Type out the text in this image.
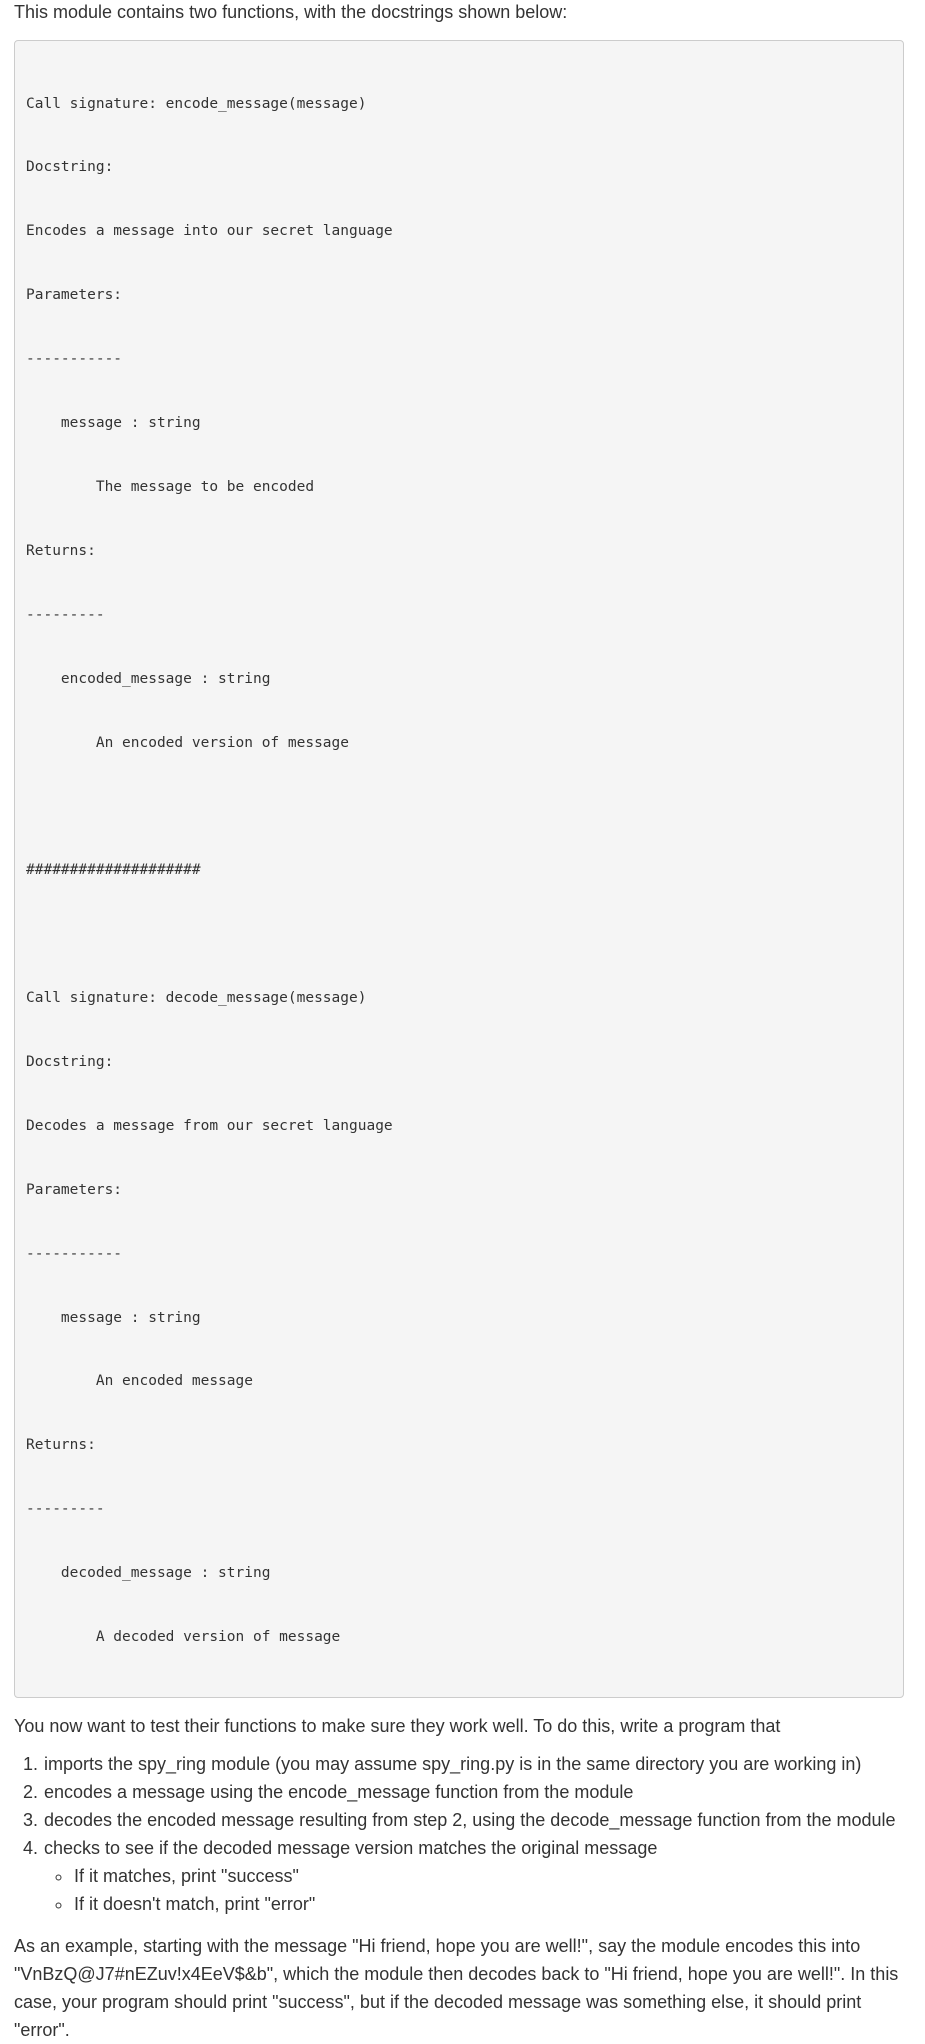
This module contains two functions, with the docstrings shown below:

Call signature: encode_message(message)

Docstring:

Encodes a message into our secret language

Parameters:

-----------

message : string

The message to be encoded

Returns:

---------

encoded_message : string

An encoded version of message

####################

Call signature: decode_message(message)

Docstring:

Decodes a message from our secret language

Parameters:

-----------

message : string

An encoded message

Returns:

---------

decoded_message : string

A decoded version of message

You now want to test their functions to make sure they work well. To do this, write a program that

1. imports the spy_ring module (you may assume spy_ring.py is in the same directory you are working in)
2. encodes a message using the encode_message function from the module
3. decodes the encoded message resulting from step 2, using the decode_message function from the module
4. checks to see if the decoded message version matches the original message
◦ If it matches, print "success"
◦ If it doesn't match, print "error"

As an example, starting with the message "Hi friend, hope you are well!", say the module encodes this into "VnBzQ@J7#nEZuv!x4EeV$&b", which the module then decodes back to "Hi friend, hope you are well!". In this case, your program should print "success", but if the decoded message was something else, it should print "error".
